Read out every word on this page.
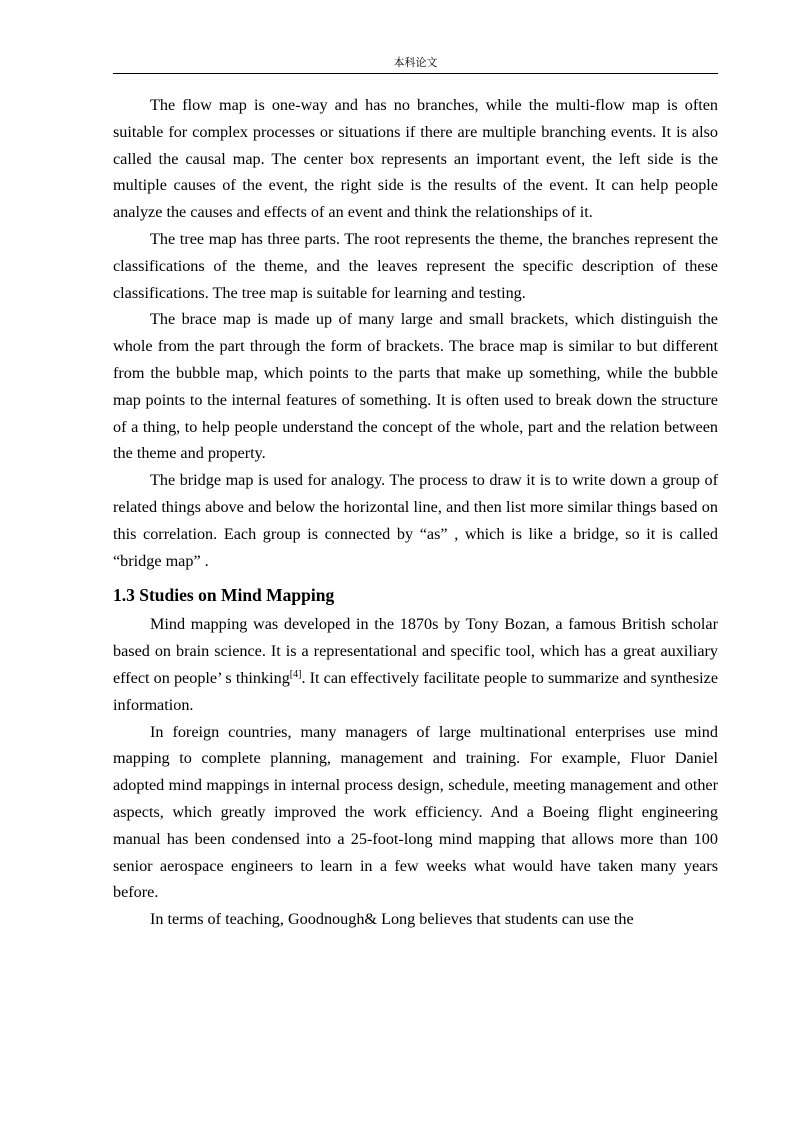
本科论文

The flow map is one-way and has no branches, while the multi-flow map is often suitable for complex processes or situations if there are multiple branching events. It is also called the causal map. The center box represents an important event, the left side is the multiple causes of the event, the right side is the results of the event. It can help people analyze the causes and effects of an event and think the relationships of it.

The tree map has three parts. The root represents the theme, the branches represent the classifications of the theme, and the leaves represent the specific description of these classifications. The tree map is suitable for learning and testing.

The brace map is made up of many large and small brackets, which distinguish the whole from the part through the form of brackets. The brace map is similar to but different from the bubble map, which points to the parts that make up something, while the bubble map points to the internal features of something. It is often used to break down the structure of a thing, to help people understand the concept of the whole, part and the relation between the theme and property.

The bridge map is used for analogy. The process to draw it is to write down a group of related things above and below the horizontal line, and then list more similar things based on this correlation. Each group is connected by “as” , which is like a bridge, so it is called “bridge map” .

1.3 Studies on Mind Mapping

Mind mapping was developed in the 1870s by Tony Bozan, a famous British scholar based on brain science. It is a representational and specific tool, which has a great auxiliary effect on people’ s thinking[4]. It can effectively facilitate people to summarize and synthesize information.

In foreign countries, many managers of large multinational enterprises use mind mapping to complete planning, management and training. For example, Fluor Daniel adopted mind mappings in internal process design, schedule, meeting management and other aspects, which greatly improved the work efficiency. And a Boeing flight engineering manual has been condensed into a 25-foot-long mind mapping that allows more than 100 senior aerospace engineers to learn in a few weeks what would have taken many years before.

In terms of teaching, Goodnough& Long believes that students can use the
